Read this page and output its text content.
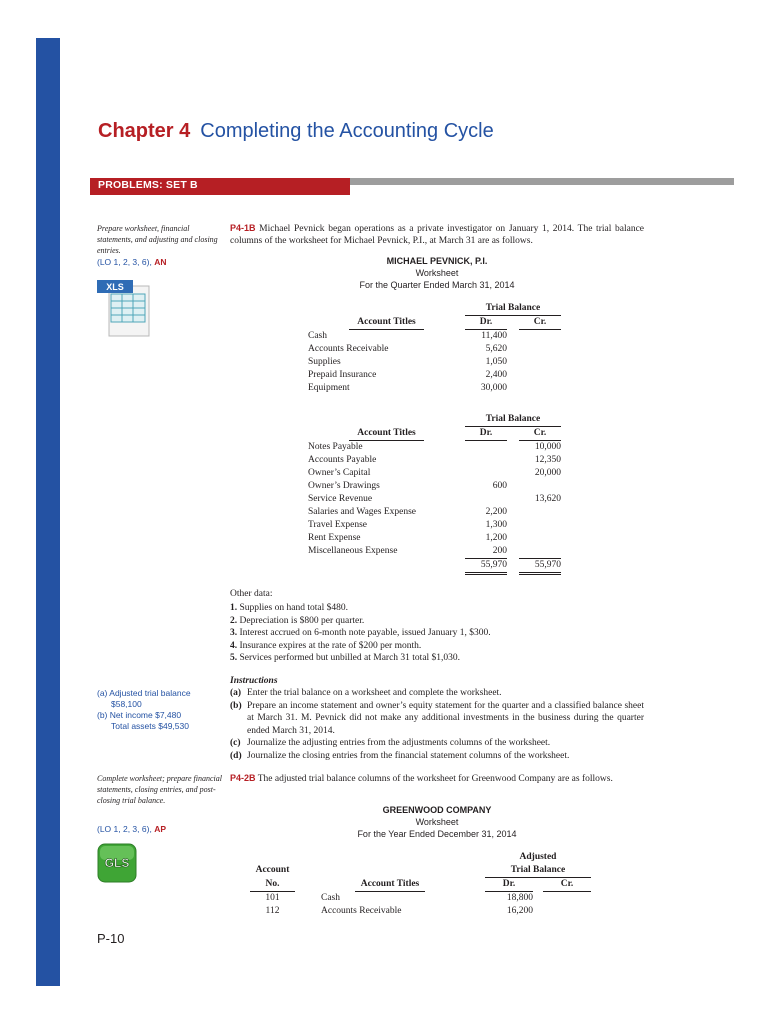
Chapter 4 Completing the Accounting Cycle
PROBLEMS: SET B
Prepare worksheet, financial statements, and adjusting and closing entries.
(LO 1, 2, 3, 6), AN
XLS
P4-1B Michael Pevnick began operations as a private investigator on January 1, 2014. The trial balance columns of the worksheet for Michael Pevnick, P.I., at March 31 are as follows.
MICHAEL PEVNICK, P.I.
Worksheet
For the Quarter Ended March 31, 2014
	Trial Balance		
Account Titles	Dr.		Cr.
Cash	11,400		
Accounts Receivable	5,620		
Supplies	1,050		
Prepaid Insurance	2,400		
Equipment	30,000		
	Trial Balance		
Account Titles	Dr.		Cr.
Notes Payable			10,000
Accounts Payable			12,350
Owner’s Capital			20,000
Owner’s Drawings	600		
Service Revenue			13,620
Salaries and Wages Expense	2,200		
Travel Expense	1,300		
Rent Expense	1,200		
Miscellaneous Expense	200		
	55,970		55,970
Other data:
1. Supplies on hand total $480.
2. Depreciation is $800 per quarter.
3. Interest accrued on 6-month note payable, issued January 1, $300.
4. Insurance expires at the rate of $200 per month.
5. Services performed but unbilled at March 31 total $1,030.
Instructions
(a) Enter the trial balance on a worksheet and complete the worksheet.
(b) Prepare an income statement and owner’s equity statement for the quarter and a classified balance sheet at March 31. M. Pevnick did not make any additional investments in the business during the quarter ended March 31, 2014.
(c) Journalize the adjusting entries from the adjustments columns of the worksheet.
(d) Journalize the closing entries from the financial statement columns of the worksheet.
(a) Adjusted trial balance
$58,100
(b) Net income $7,480
Total assets $49,530
Complete worksheet; prepare financial statements, closing entries, and post-closing trial balance.
(LO 1, 2, 3, 6), AP
GLS
P4-2B The adjusted trial balance columns of the worksheet for Greenwood Company are as follows.
GREENWOOD COMPANY
Worksheet
For the Year Ended December 31, 2014
		Adjusted		
Account		Trial Balance		
No.	Account Titles	Dr.		Cr.
101	Cash	18,800		
112	Accounts Receivable	16,200		
P-10
